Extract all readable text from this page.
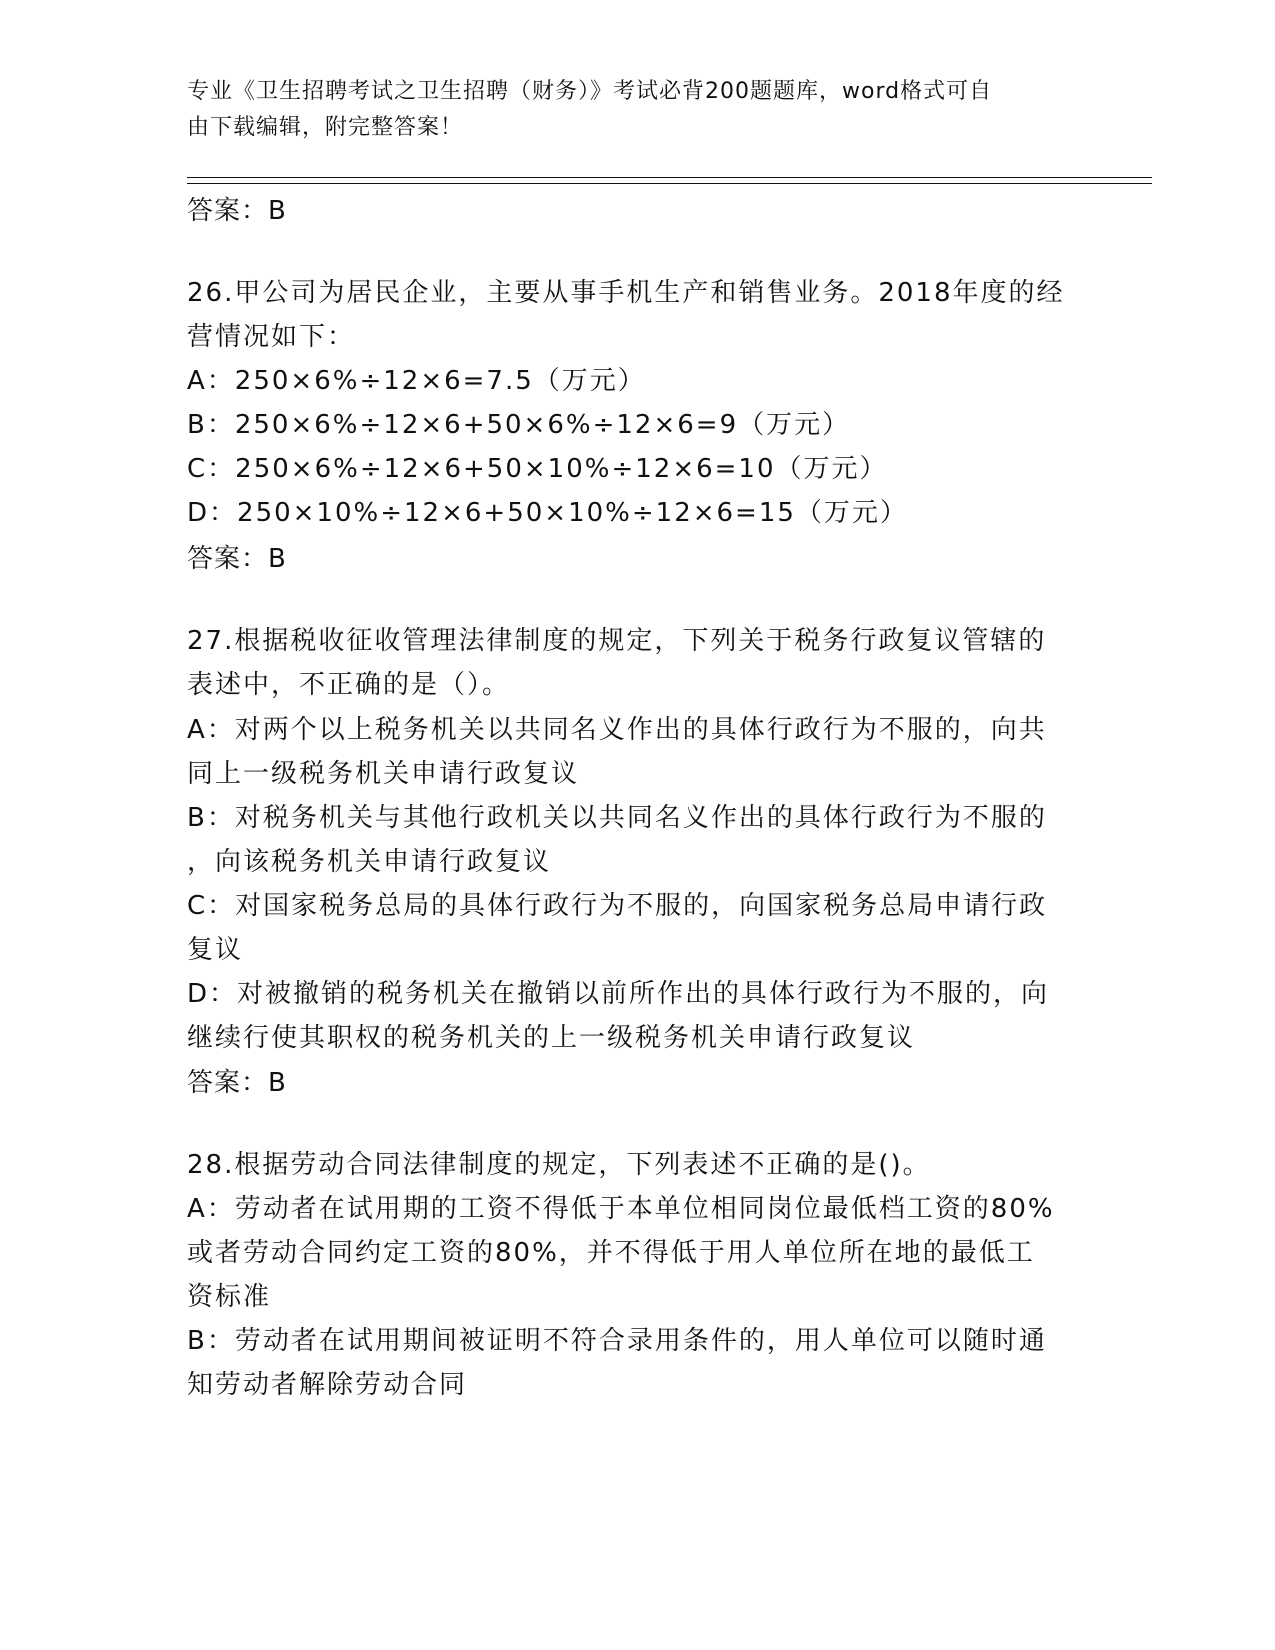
专业《卫生招聘考试之卫生招聘（财务）》考试必背200题题库，word格式可自
由下载编辑，附完整答案！
答案：B
26.甲公司为居民企业，主要从事手机生产和销售业务。2018年度的经
营情况如下：
A：250×6%÷12×6=7.5（万元）
B：250×6%÷12×6+50×6%÷12×6=9（万元）
C：250×6%÷12×6+50×10%÷12×6=10（万元）
D：250×10%÷12×6+50×10%÷12×6=15（万元）
答案：B
27.根据税收征收管理法律制度的规定，下列关于税务行政复议管辖的
表述中，不正确的是（）。
A：对两个以上税务机关以共同名义作出的具体行政行为不服的，向共
同上一级税务机关申请行政复议
B：对税务机关与其他行政机关以共同名义作出的具体行政行为不服的
，向该税务机关申请行政复议
C：对国家税务总局的具体行政行为不服的，向国家税务总局申请行政
复议
D：对被撤销的税务机关在撤销以前所作出的具体行政行为不服的，向
继续行使其职权的税务机关的上一级税务机关申请行政复议
答案：B
28.根据劳动合同法律制度的规定，下列表述不正确的是()。
A：劳动者在试用期的工资不得低于本单位相同岗位最低档工资的80%
或者劳动合同约定工资的80%，并不得低于用人单位所在地的最低工
资标准
B：劳动者在试用期间被证明不符合录用条件的，用人单位可以随时通
知劳动者解除劳动合同
